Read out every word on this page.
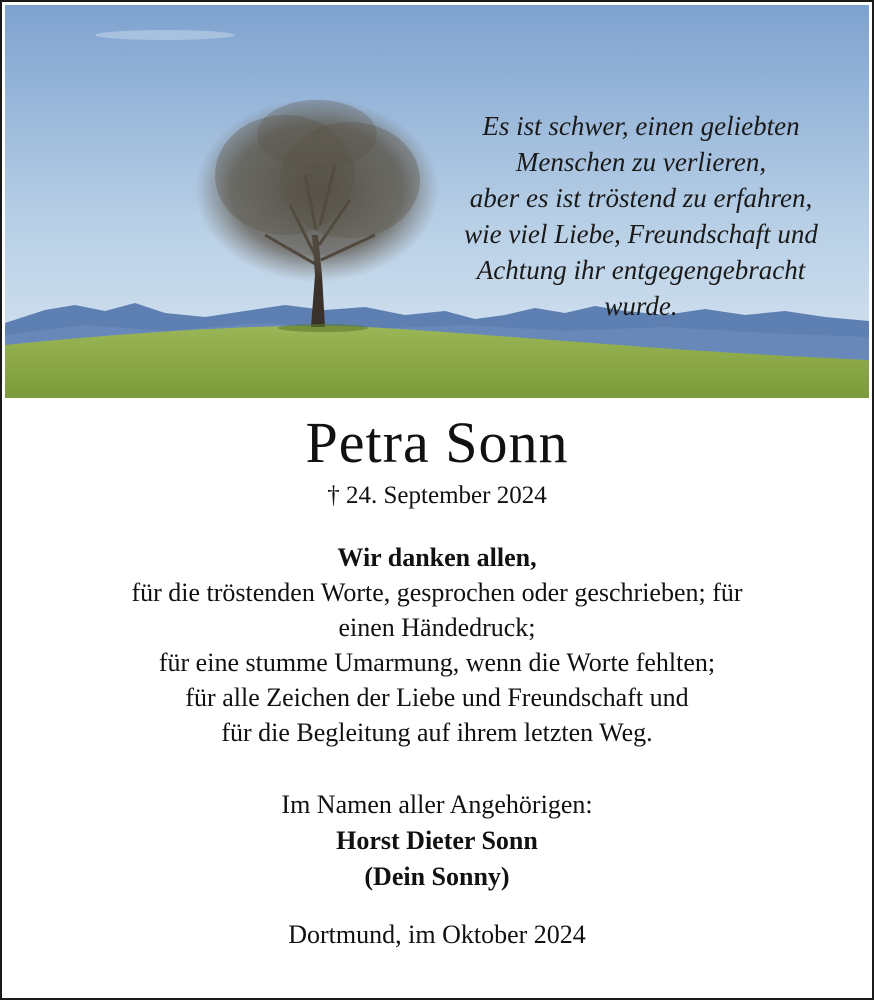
Es ist schwer, einen geliebten
Menschen zu verlieren,
aber es ist tröstend zu erfahren,
wie viel Liebe, Freundschaft und
Achtung ihr entgegengebracht
wurde.
Petra Sonn
† 24. September 2024
Wir danken allen,
für die tröstenden Worte, gesprochen oder geschrieben; für
einen Händedruck;
für eine stumme Umarmung, wenn die Worte fehlten;
für alle Zeichen der Liebe und Freundschaft und
für die Begleitung auf ihrem letzten Weg.
Im Namen aller Angehörigen:
Horst Dieter Sonn
(Dein Sonny)
Dortmund, im Oktober 2024
